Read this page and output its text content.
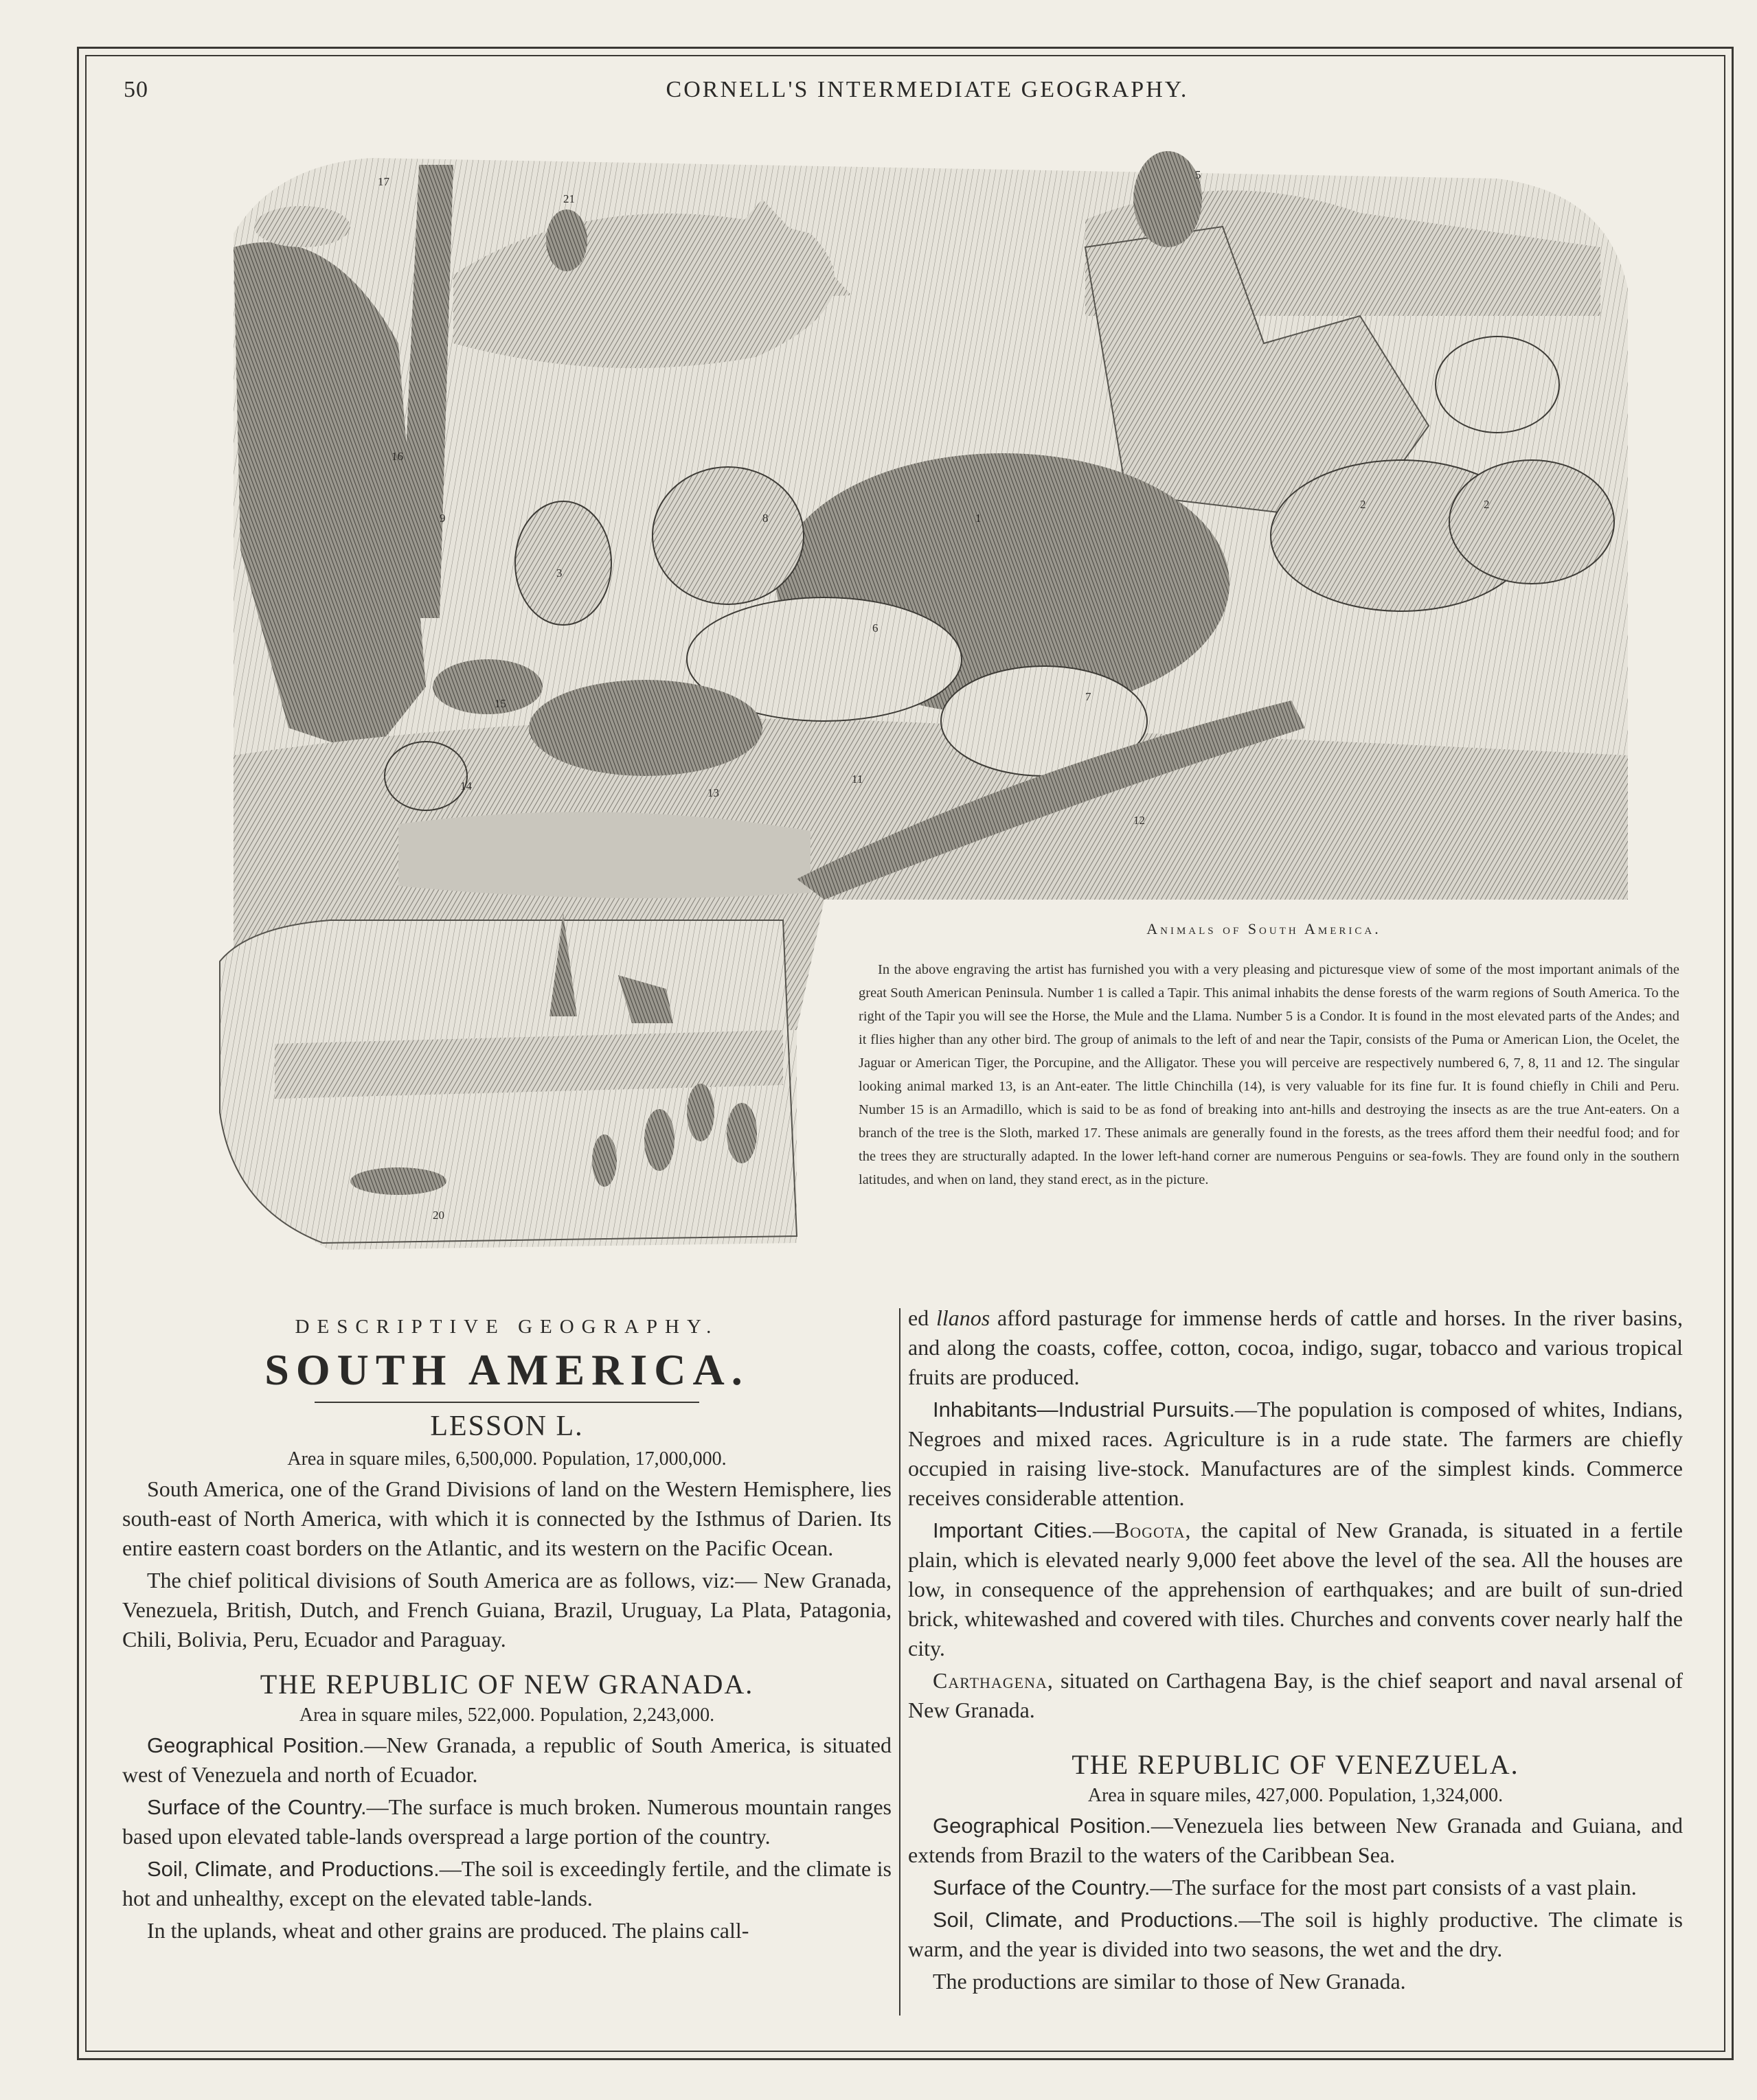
50	CORNELL'S INTERMEDIATE GEOGRAPHY.
1
2	2
3
5
6
7
8
9
11
12
13
14
15
16
17
20
21
Animals of South America.
In the above engraving the artist has furnished you with a very pleasing and picturesque view of some of the most important animals of the great South American Peninsula. Number 1 is called a Tapir. This animal inhabits the dense forests of the warm regions of South America. To the right of the Tapir you will see the Horse, the Mule and the Llama. Number 5 is a Condor. It is found in the most elevated parts of the Andes; and it flies higher than any other bird. The group of animals to the left of and near the Tapir, consists of the Puma or American Lion, the Ocelet, the Jaguar or American Tiger, the Porcupine, and the Alligator. These you will perceive are respectively numbered 6, 7, 8, 11 and 12. The singular looking animal marked 13, is an Ant-eater. The little Chinchilla (14), is very valuable for its fine fur. It is found chiefly in Chili and Peru. Number 15 is an Armadillo, which is said to be as fond of breaking into ant-hills and destroying the insects as are the true Ant-eaters. On a branch of the tree is the Sloth, marked 17. These animals are generally found in the forests, as the trees afford them their needful food; and for the trees they are structurally adapted. In the lower left-hand corner are numerous Penguins or sea-fowls. They are found only in the southern latitudes, and when on land, they stand erect, as in the picture.
DESCRIPTIVE GEOGRAPHY.
SOUTH AMERICA.
LESSON L.
Area in square miles, 6,500,000. Population, 17,000,000.

South America, one of the Grand Divisions of land on the Western Hemisphere, lies south-east of North America, with which it is connected by the Isthmus of Darien. Its entire eastern coast borders on the Atlantic, and its western on the Pacific Ocean.

The chief political divisions of South America are as follows, viz:— New Granada, Venezuela, British, Dutch, and French Guiana, Brazil, Uruguay, La Plata, Patagonia, Chili, Bolivia, Peru, Ecuador and Paraguay.

THE REPUBLIC OF NEW GRANADA.
Area in square miles, 522,000. Population, 2,243,000.

Geographical Position.—New Granada, a republic of South America, is situated west of Venezuela and north of Ecuador.

Surface of the Country.—The surface is much broken. Numerous mountain ranges based upon elevated table-lands overspread a large portion of the country.

Soil, Climate, and Productions.—The soil is exceedingly fertile, and the climate is hot and unhealthy, except on the elevated table-lands.

In the uplands, wheat and other grains are produced. The plains call-

ed llanos afford pasturage for immense herds of cattle and horses. In the river basins, and along the coasts, coffee, cotton, cocoa, indigo, sugar, tobacco and various tropical fruits are produced.

Inhabitants—Industrial Pursuits.—The population is composed of whites, Indians, Negroes and mixed races. Agriculture is in a rude state. The farmers are chiefly occupied in raising live-stock. Manufactures are of the simplest kinds. Commerce receives considerable attention.

Important Cities.—Bogota, the capital of New Granada, is situated in a fertile plain, which is elevated nearly 9,000 feet above the level of the sea. All the houses are low, in consequence of the apprehension of earthquakes; and are built of sun-dried brick, whitewashed and covered with tiles. Churches and convents cover nearly half the city.

Carthagena, situated on Carthagena Bay, is the chief seaport and naval arsenal of New Granada.

THE REPUBLIC OF VENEZUELA.
Area in square miles, 427,000. Population, 1,324,000.

Geographical Position.—Venezuela lies between New Granada and Guiana, and extends from Brazil to the waters of the Caribbean Sea.

Surface of the Country.—The surface for the most part consists of a vast plain.

Soil, Climate, and Productions.—The soil is highly productive. The climate is warm, and the year is divided into two seasons, the wet and the dry.

The productions are similar to those of New Granada.
